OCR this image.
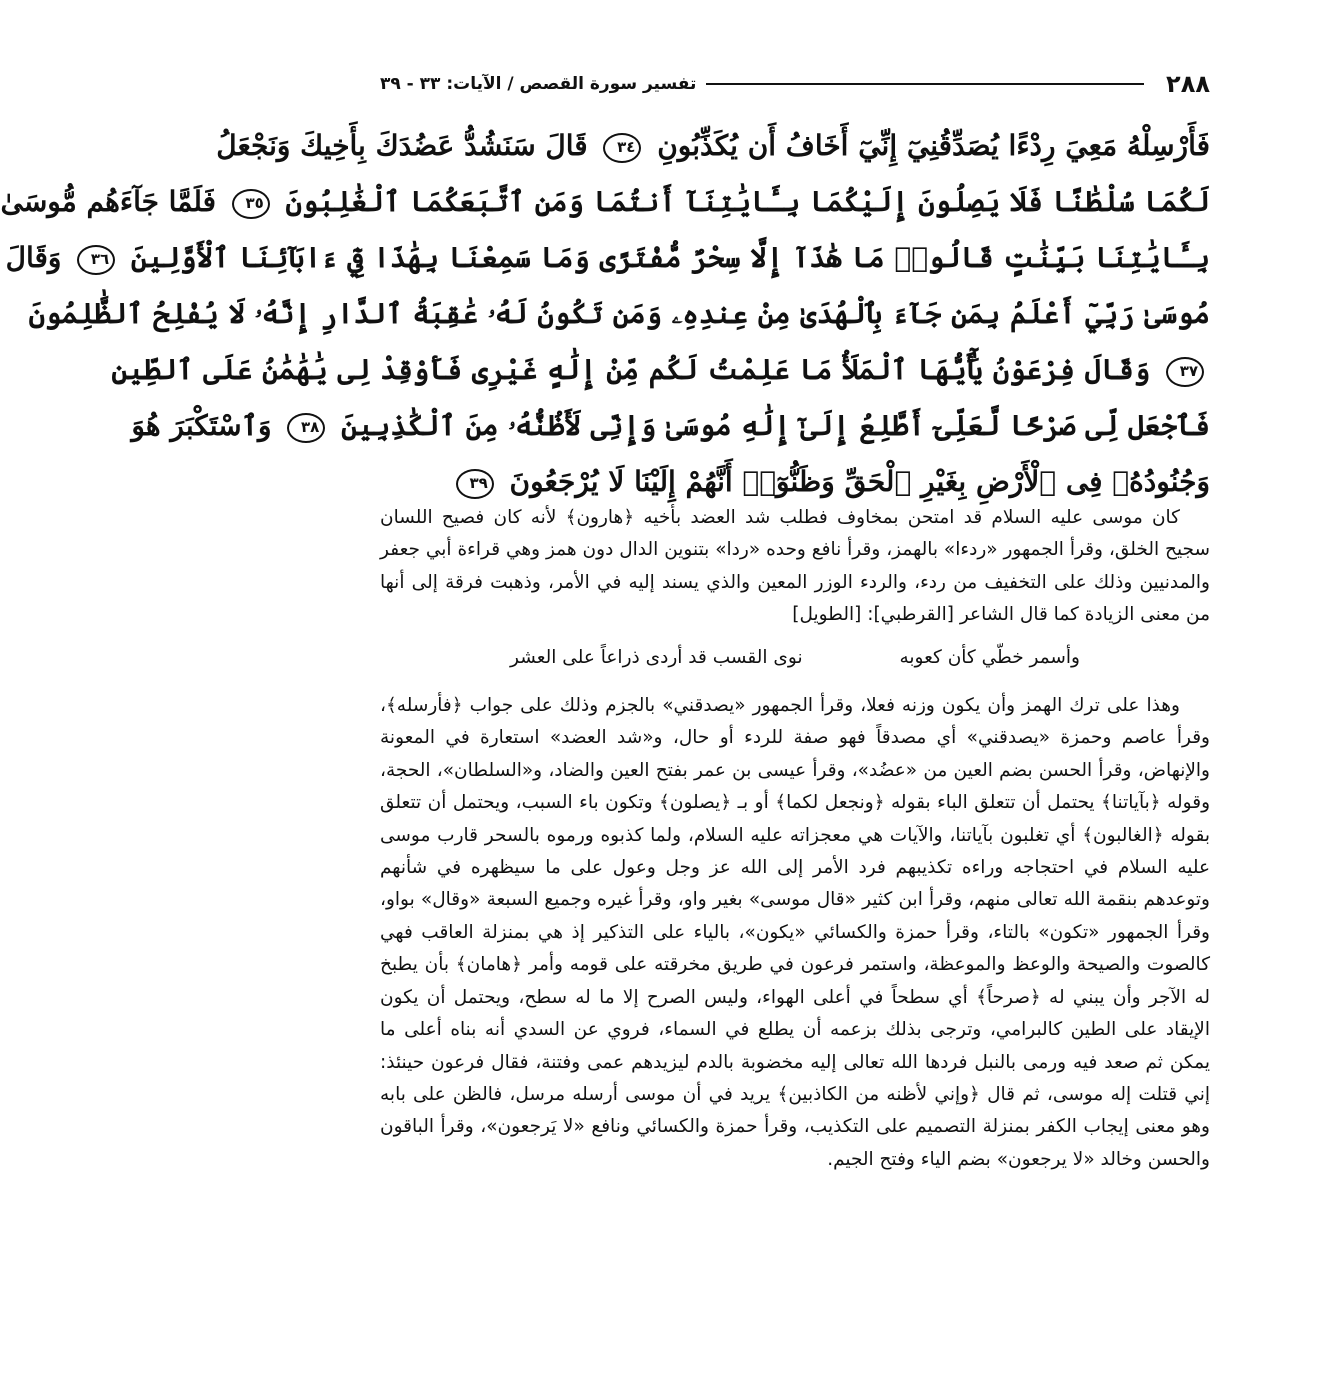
٢٨٨
تفسير سورة القصص / الآيات: ٣٣ - ٣٩
فَأَرْسِلْهُ مَعِيَ رِدْءًا يُصَدِّقُنِيٓ إِنِّيٓ أَخَافُ أَن يُكَذِّبُونِ ٣٤ قَالَ سَنَشُدُّ عَضُدَكَ بِأَخِيكَ وَنَجْعَلُ
لَكُمَا سُلْطَٰنًا فَلَا يَصِلُونَ إِلَيْكُمَا بِـَٔايَٰتِنَآ أَنتُمَا وَمَنِ ٱتَّبَعَكُمَا ٱلْغَٰلِبُونَ ٣٥ فَلَمَّا جَآءَهُم مُّوسَىٰ
بِـَٔايَٰتِنَا بَيِّنَٰتٍ قَالُوا۟ مَا هَٰذَآ إِلَّا سِحْرٌ مُّفْتَرًى وَمَا سَمِعْنَا بِهَٰذَا فِيٓ ءَابَآئِنَا ٱلْأَوَّلِينَ ٣٦ وَقَالَ
مُوسَىٰ رَبِّيٓ أَعْلَمُ بِمَن جَآءَ بِٱلْهُدَىٰ مِنْ عِندِهِۦ وَمَن تَكُونُ لَهُۥ عَٰقِبَةُ ٱلدَّارِ إِنَّهُۥ لَا يُفْلِحُ ٱلظَّٰلِمُونَ
٣٧ وَقَالَ فِرْعَوْنُ يَٰٓأَيُّهَا ٱلْمَلَأُ مَا عَلِمْتُ لَكُم مِّنْ إِلَٰهٍ غَيْرِى فَأَوْقِدْ لِى يَٰهَٰمَٰنُ عَلَى ٱلطِّينِ
فَٱجْعَل لِّى صَرْحًا لَّعَلِّىٓ أَطَّلِعُ إِلَىٰٓ إِلَٰهِ مُوسَىٰ وَإِنِّى لَأَظُنُّهُۥ مِنَ ٱلْكَٰذِبِينَ ٣٨ وَٱسْتَكْبَرَ هُوَ
وَجُنُودُهُۥ فِى ٱلْأَرْضِ بِغَيْرِ ٱلْحَقِّ وَظَنُّوٓا۟ أَنَّهُمْ إِلَيْنَا لَا يُرْجَعُونَ ٣٩

كان موسى عليه السلام قد امتحن بمخاوف فطلب شد العضد بأخيه ﴿هارون﴾ لأنه كان فصيح اللسان سجيح الخلق، وقرأ الجمهور «ردءا» بالهمز، وقرأ نافع وحده «ردا» بتنوين الدال دون همز وهي قراءة أبي جعفر والمدنيين وذلك على التخفيف من ردء، والردء الوزر المعين والذي يسند إليه في الأمر، وذهبت فرقة إلى أنها من معنى الزيادة كما قال الشاعر [القرطبي]: [الطويل]

وأسمر خطّي كأن كعوبه
نوى القسب قد أردى ذراعاً على العشر

وهذا على ترك الهمز وأن يكون وزنه فعلا، وقرأ الجمهور «يصدقني» بالجزم وذلك على جواب ﴿فأرسله﴾، وقرأ عاصم وحمزة «يصدقني» أي مصدقاً فهو صفة للردء أو حال، و«شد العضد» استعارة في المعونة والإنهاض، وقرأ الحسن بضم العين من «عضُد»، وقرأ عيسى بن عمر بفتح العين والضاد، و«السلطان»، الحجة، وقوله ﴿بآياتنا﴾ يحتمل أن تتعلق الباء بقوله ﴿ونجعل لكما﴾ أو بـ ﴿يصلون﴾ وتكون باء السبب، ويحتمل أن تتعلق بقوله ﴿الغالبون﴾ أي تغلبون بآياتنا، والآيات هي معجزاته عليه السلام، ولما كذبوه ورموه بالسحر قارب موسى عليه السلام في احتجاجه وراءه تكذيبهم فرد الأمر إلى الله عز وجل وعول على ما سيظهره في شأنهم وتوعدهم بنقمة الله تعالى منهم، وقرأ ابن كثير «قال موسى» بغير واو، وقرأ غيره وجميع السبعة «وقال» بواو، وقرأ الجمهور «تكون» بالتاء، وقرأ حمزة والكسائي «يكون»، بالياء على التذكير إذ هي بمنزلة العاقب فهي كالصوت والصيحة والوعظ والموعظة، واستمر فرعون في طريق مخرقته على قومه وأمر ﴿هامان﴾ بأن يطبخ له الآجر وأن يبني له ﴿صرحاً﴾ أي سطحاً في أعلى الهواء، وليس الصرح إلا ما له سطح، ويحتمل أن يكون الإيقاد على الطين كالبرامي، وترجى بذلك بزعمه أن يطلع في السماء، فروي عن السدي أنه بناه أعلى ما يمكن ثم صعد فيه ورمى بالنبل فردها الله تعالى إليه مخضوبة بالدم ليزيدهم عمى وفتنة، فقال فرعون حينئذ: إني قتلت إله موسى، ثم قال ﴿وإني لأظنه من الكاذبين﴾ يريد في أن موسى أرسله مرسل، فالظن على بابه وهو معنى إيجاب الكفر بمنزلة التصميم على التكذيب، وقرأ حمزة والكسائي ونافع «لا يَرجعون»، وقرأ الباقون والحسن وخالد «لا يرجعون» بضم الياء وفتح الجيم.
